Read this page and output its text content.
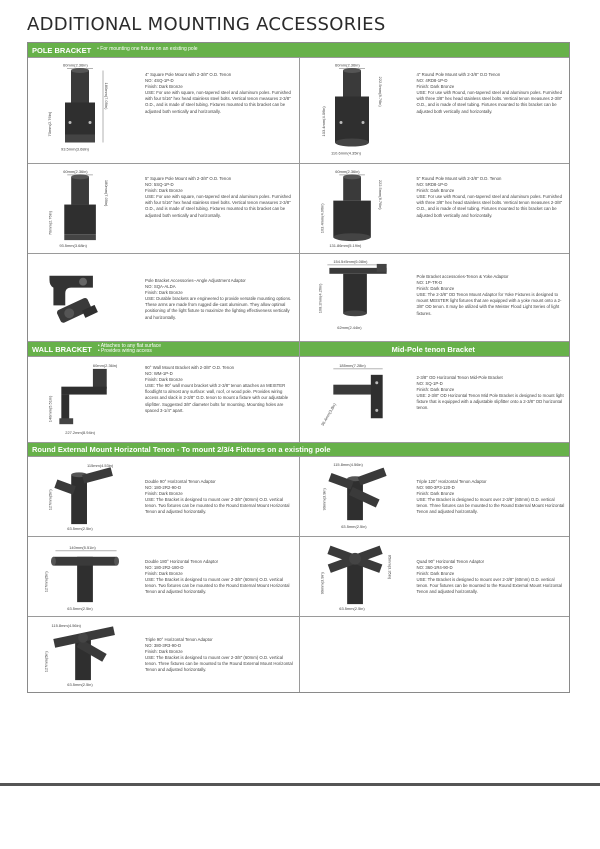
ADDITIONAL MOUNTING ACCESSORIES
POLE BRACKET • For mounting one fixture on an existing pole
60mm(2.36in)
180mm(7.09in)
70mm(2.76in)
93.5mm(3.68in)

4" Square Pole Mount with 2-3/8" O.D. Tenon

NO: 4SQ-1P-D

Finish: Dark Bronze

USE: For use with square, non-tapered steel and aluminum poles. Furnished with four 5/16" hex head stainless steel bolts. Vertical tenon measures 2-3/8" O.D., and is made of steel tubing. Fixtures mounted to this bracket can be adjusted both vertically and horizontally.

60mm(2.36in)
222.5mm(8.76in)
103.4mm(4.06in)
110.6mm(4.35in)

4" Round Pole Mount with 2-3/8" O.D Tenon

NO: 4RD8-1P-D

Finish: Dark Bronze

USE: For use with Round, non-tapered steel and aluminum poles. Furnished with three 3/8" hex head stainless steel bolts. Vertical tenon measures 2-3/8" O.D., and is made of steel tubing. Fixtures mounted to this bracket can be adjusted both vertically and horizontally.

60mm(2.36in)
180mm(7.09in)
70mm(2.76in)
93.5mm(3.68in)

5" Square Pole Mount with 2-3/8" O.D. Tenon

NO: 5SQ-1P-D

Finish: Dark Bronze

USE: For use with square, non-tapered steel and aluminum poles. Furnished with four 5/16" hex head stainless steel bolts. Vertical tenon measures 2-3/8" O.D., and is made of steel tubing. Fixtures mounted to this bracket can be adjusted both vertically and horizontally.

60mm(2.36in)
222.5mm(8.76in)
103.4mm(4.06in)
131.86mm(5.19in)

5" Round Pole Mount with 2-3/8" O.D. Tenon

NO: 5RD8-1P-D

Finish: Dark Bronze

USE: For use with Round, non-tapered steel and aluminum poles. Furnished with three 3/8" hex head stainless steel bolts. Vertical tenon measures 2-3/8" O.D., and is made of steel tubing. Fixtures mounted to this bracket can be adjusted both vertically and horizontally.

Pole Bracket Accessories--Angle Adjustment Adaptor

NO: SQA-ALDA

Finish: Dark Bronze

USE: Durable brackets are engineered to provide versatile mounting options. These arms are made from rugged die-cast aluminum. They allow optimal positioning of the light fixture to maximize the lighting effectiveness vertically and horizontally.

154.5±5mm(6.08in)
108.2mm(4.26in)
62mm(2.44in)

Pole Bracket accessories-Tenon & Yoke Adaptor

NO: 1P-TR-D

Finish: Dark Bronze

USE: The 2-3/8" OD Tenon Mount Adaptor for Yoke Fixtures is designed to mount MEISTER light fixtures that are equipped with a yoke mount onto a 2-3/8" OD tenon. It may be utilized with the Meister Flood Light Series of light fixtures.

WALL BRACKET • Attaches to any flat surface
• Provides wiring access	Mid-Pole tenon Bracket
60mm(2.36in)
140mm(5.51in)
227.2mm(8.94in)

90° Wall Mount Bracket with 2-3/8" O.D. Tenon

NO: WM-1P-D

Finish: Dark Bronze

USE: The 90° wall mount bracket with 2-3/8" tenon attaches an MEISTER floodlight to almost any surface: wall, roof, or wood pole. Provides wiring access and slack in 2-3/8" O.D. tenon to mount a fixture with our adjustable slipfitter. Suggested 3/8" diameter bolts for mounting. Mounting holes are spaced 3-1/4" apart.

185mm(7.28in)
96.4mm(3.8in)

2-3/8" OD Horizontal Tenon Mid-Pole Bracket

NO: SQ-1P-D

Finish: Dark Bronze

USE: 2-3/8" OD Horizontal Tenon Mid Pole Bracket is designed to mount light fixture that is equipped with a adjustable slipfitter onto a 2-3/8" OD horizontal tenon.

Round External Mount Horizontal Tenon - To mount 2/3/4 Fixtures on a existing pole
115mm(4.53in)
127mm(5in)
63.5mm(2.5in)

Double 90° Horizontal Tenon Adaptor

NO: 180-2R2-90-D

Finish: Dark Bronze

USE: The Bracket is designed to mount over 2-3/8" (60mm) O.D. vertical tenon. Two fixtures can be mounted to the Round External Mount Horizontal Tenon and adjusted horizontally.

115.8mm(4.56in)
99mm(3.9in)
63.5mm(2.5in)

Triple 120° Horizontal Tenon Adaptor

NO: 900-3P3-120-D

Finish: Dark Bronze

USE: The Bracket is designed to mount over 2-3/8" (60mm) O.D. vertical tenon. Three fixtures can be mounted to the Round External Mount Horizontal Tenon and adjusted horizontally.

140mm(5.51in)
127mm(5in)
63.5mm(2.5in)

Double 180° Horizontal Tenon Adaptor

NO: 180-2R2-180-D

Finish: Dark Bronze

USE: The Bracket is designed to mount over 2-3/8" (60mm) O.D. vertical tenon. Two fixtures can be mounted to the Round External Mount Horizontal Tenon and adjusted horizontally.	99mm(3.9in)
85mm(3.35in)
63.5mm(2.5in)

Quad 90° Horizontal Tenon Adaptor

NO: 360-1R4-90-D

Finish: Dark Bronze

USE: The Bracket is designed to mount over 2-3/8" (60mm) O.D. vertical tenon. Four fixtures can be mounted to the Round External Mount Horizontal Tenon and adjusted horizontally.

115.8mm(4.56in)
127mm(5in)
63.5mm(2.5in)

Triple 90° Horizontal Tenon Adaptor

NO: 380-3R3-90-D

Finish: Dark Bronze

USE: The Bracket is designed to mount over 2-3/8" (60mm) O.D. vertical tenon. Three fixtures can be mounted to the Round External Mount Horizontal Tenon and adjusted horizontally.
